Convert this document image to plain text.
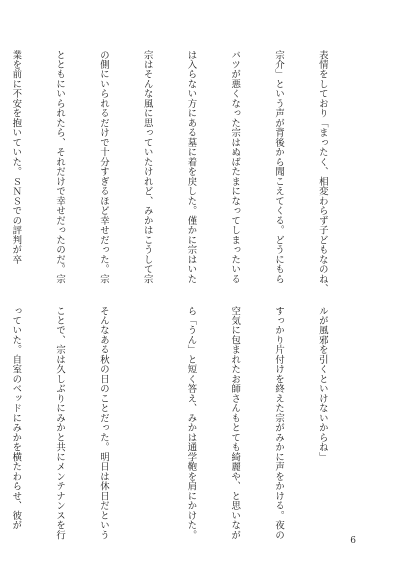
表情をしており「まったく、相変わらず子どもなのね、

宗介」という声が背後から聞こえてくる。どうにもら

バツが悪くなった宗はぬばたまになってしまったいる

は入らない方にある墓に着を戻した。僅かに宗はいた

宗はそんな風に思っていたけれど、みかはこうして宗

の側にいられるだけで十分すぎるほど幸せだった。宗

とともにいられたら、それだけで幸せだったのだ。宗

業を前に不安を抱いていた。ＳＮＳでの評判が卒

ルが風邪を引くといけないからね」

すっかり片付けを終えた宗がみかに声をかける。夜の

空気に包まれたお師さんもとても綺麗や、と思いなが

ら「うん」と短く答え、みかは通学鞄を肩にかけた。

そんなある秋の日のことだった。明日は休日だという

ことで、宗は久しぶりにみかと共にメンテナンスを行

っていた。自室のベッドにみかを横たわらせ、彼が

6
